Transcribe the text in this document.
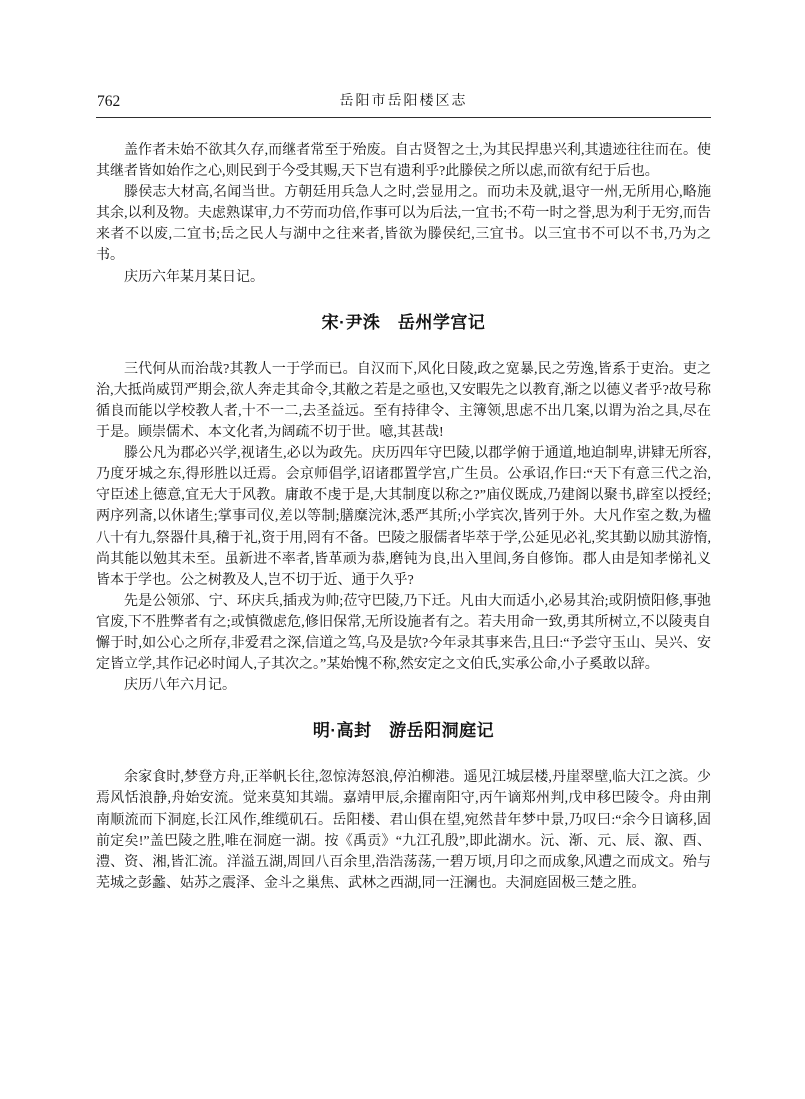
762	岳阳市岳阳楼区志

盖作者未始不欲其久存,而继者常至于殆废。自古贤智之士,为其民捍患兴利,其遗迹往往而在。使其继者皆如始作之心,则民到于今受其赐,天下岂有遗利乎?此滕侯之所以虑,而欲有纪于后也。

滕侯志大材高,名闻当世。方朝廷用兵急人之时,尝显用之。而功未及就,退守一州,无所用心,略施其余,以利及物。夫虑熟谋审,力不劳而功倍,作事可以为后法,一宜书;不苟一时之誉,思为利于无穷,而告来者不以废,二宜书;岳之民人与湖中之往来者,皆欲为滕侯纪,三宜书。以三宜书不可以不书,乃为之书。

庆历六年某月某日记。

宋·尹洙　岳州学宫记

三代何从而治哉?其教人一于学而已。自汉而下,风化日陵,政之宽暴,民之劳逸,皆系于吏治。吏之治,大抵尚威罚严期会,欲人奔走其命令,其敝之若是之亟也,又安暇先之以教育,渐之以德义者乎?故号称循良而能以学校教人者,十不一二,去圣益远。至有持律令、主簿领,思虑不出几案,以谓为治之具,尽在于是。顾崇儒术、本文化者,为阔疏不切于世。噫,其甚哉!

滕公凡为郡必兴学,视诸生,必以为政先。庆历四年守巴陵,以郡学俯于通道,地迫制卑,讲肄无所容,乃度牙城之东,得形胜以迁焉。会京师倡学,诏诸郡置学宫,广生员。公承诏,作曰:“天下有意三代之治,守臣述上德意,宜无大于风教。庸敢不虔于是,大其制度以称之?”庙仪既成,乃建阁以聚书,辟室以授经;两序列斋,以休诸生;掌事司仪,差以等制;膳糜浣沐,悉严其所;小学宾次,皆列于外。大凡作室之数,为楹八十有九,祭器什具,稽于礼,资于用,罔有不备。巴陵之服儒者毕萃于学,公延见必礼,奖其勤以励其游惰,尚其能以勉其未至。虽新进不率者,皆革顽为恭,磨钝为良,出入里闾,务自修饰。郡人由是知孝悌礼义皆本于学也。公之树教及人,岂不切于近、通于久乎?

先是公领邠、宁、环庆兵,插戎为帅;莅守巴陵,乃下迁。凡由大而适小,必易其治;或阴愤阳修,事弛官废,下不胜弊者有之;或慎微虑危,修旧保常,无所设施者有之。若夫用命一致,勇其所树立,不以陵夷自懈于时,如公心之所存,非爱君之深,信道之笃,乌及是欤?今年录其事来告,且曰:“予尝守玉山、吴兴、安定皆立学,其作记必时闻人,子其次之。”某始愧不称,然安定之文伯氏,实承公命,小子奚敢以辞。

庆历八年六月记。

明·高封　游岳阳洞庭记

余家食时,梦登方舟,正举帆长往,忽惊涛怒浪,停泊柳港。遥见江城层楼,丹崖翠壁,临大江之滨。少焉风恬浪静,舟始安流。觉来莫知其端。嘉靖甲辰,余擢南阳守,丙午谪郑州判,戊申移巴陵令。舟由荆南顺流而下洞庭,长江风作,维缆矶石。岳阳楼、君山俱在望,宛然昔年梦中景,乃叹曰:“余今日谪移,固前定矣!”盖巴陵之胜,唯在洞庭一湖。按《禹贡》“九江孔殷”,即此湖水。沅、渐、元、辰、溆、酉、澧、资、湘,皆汇流。洋溢五湖,周回八百余里,浩浩荡荡,一碧万顷,月印之而成象,风遭之而成文。殆与芜城之彭蠡、姑苏之震泽、金斗之巢焦、武林之西湖,同一汪澜也。夫洞庭固极三楚之胜。
